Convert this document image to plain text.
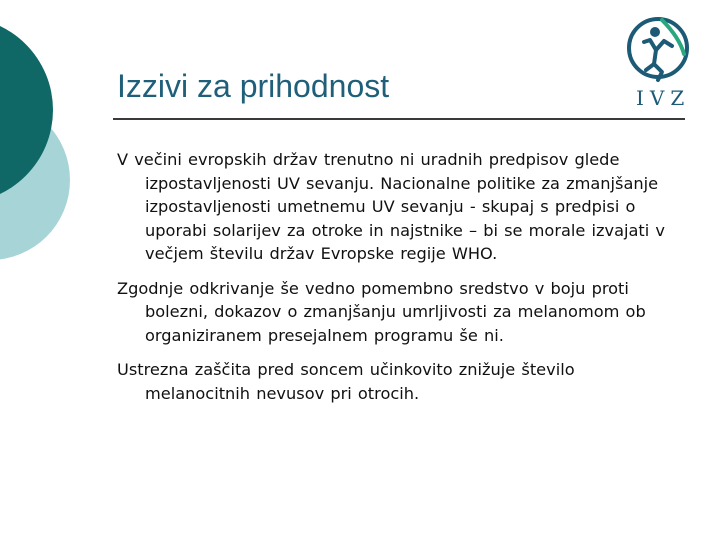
Izzivi za prihodnost	IVZ

V večini evropskih držav trenutno ni uradnih predpisov glede izpostavljenosti UV sevanju. Nacionalne politike za zmanjšanje izpostavljenosti umetnemu UV sevanju - skupaj s predpisi o uporabi solarijev za otroke in najstnike – bi se morale izvajati v večjem številu držav Evropske regije WHO.

Zgodnje odkrivanje še vedno pomembno sredstvo v boju proti bolezni, dokazov o zmanjšanju umrljivosti za melanomom ob organiziranem presejalnem programu še ni.

Ustrezna zaščita pred soncem učinkovito znižuje število melanocitnih nevusov pri otrocih.
